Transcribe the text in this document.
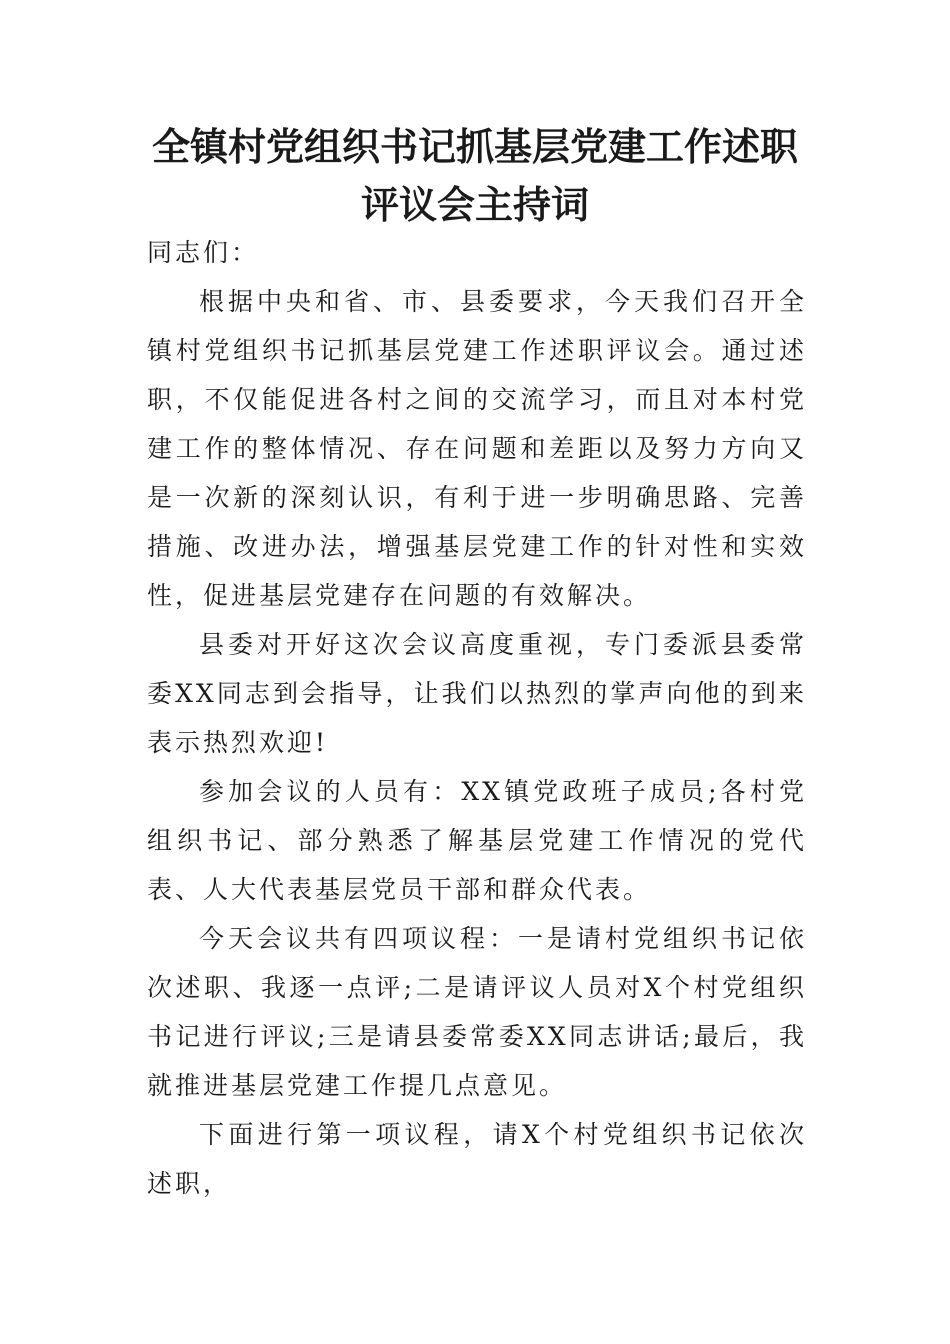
全镇村党组织书记抓基层党建工作述职评议会主持词

同志们：

根据中央和省、市、县委要求，今天我们召开全镇村党组织书记抓基层党建工作述职评议会。通过述职，不仅能促进各村之间的交流学习，而且对本村党建工作的整体情况、存在问题和差距以及努力方向又是一次新的深刻认识，有利于进一步明确思路、完善措施、改进办法，增强基层党建工作的针对性和实效性，促进基层党建存在问题的有效解决。

县委对开好这次会议高度重视，专门委派县委常委XX同志到会指导，让我们以热烈的掌声向他的到来表示热烈欢迎!

参加会议的人员有：XX镇党政班子成员;各村党组织书记、部分熟悉了解基层党建工作情况的党代表、人大代表基层党员干部和群众代表。

今天会议共有四项议程：一是请村党组织书记依次述职、我逐一点评;二是请评议人员对X个村党组织书记进行评议;三是请县委常委XX同志讲话;最后，我就推进基层党建工作提几点意见。

下面进行第一项议程，请X个村党组织书记依次述职，
